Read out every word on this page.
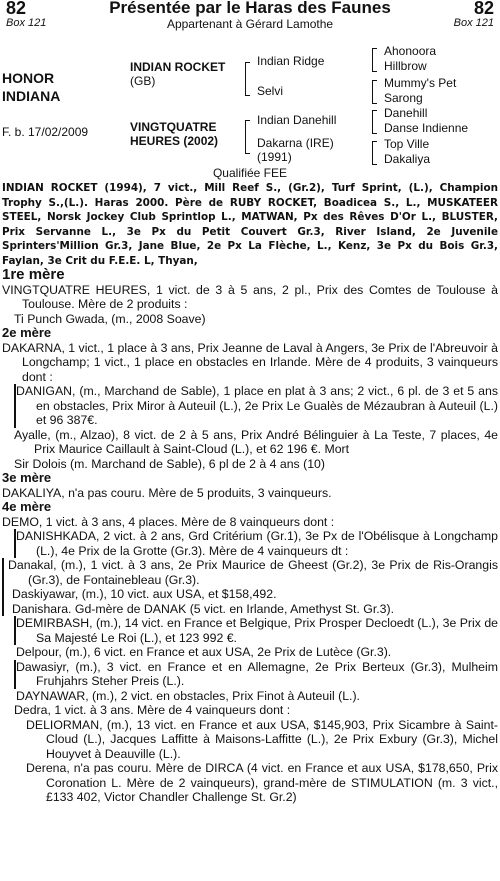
82
Box 121
Présentée par le Haras des Faunes
Appartenant à Gérard Lamothe
82
Box 121
HONOR
INDIANA
F. b. 17/02/2009
INDIAN ROCKET
(GB)
VINGTQUATRE
HEURES (2002)
Indian Ridge
Selvi
Indian Danehill
Dakarna (IRE)
(1991)
Ahonoora
Hillbrow
Mummy's Pet
Sarong
Danehill
Danse Indienne
Top Ville
Dakaliya
Qualifiée FEE

INDIAN ROCKET (1994), 7 vict., Mill Reef S., (Gr.2), Turf Sprint, (L.), Champion Trophy S.,(L.). Haras 2000. Père de RUBY ROCKET, Boadicea S., L., MUSKATEER STEEL, Norsk Jockey Club Sprintlop L., MATWAN, Px des Rêves D'Or L., BLUSTER, Prix Servanne L., 3e Px du Petit Couvert Gr.3, River Island, 2e Juvenile Sprinters'Million Gr.3, Jane Blue, 2e Px La Flèche, L., Kenz, 3e Px du Bois Gr.3, Faylan, 3e Crit du F.E.E. L, Thyan,

1re mère

VINGTQUATRE HEURES, 1 vict. de 3 à 5 ans, 2 pl., Prix des Comtes de Toulouse à Toulouse. Mère de 2 produits :

Ti Punch Gwada, (m., 2008 Soave)

2e mère

DAKARNA, 1 vict., 1 place à 3 ans, Prix Jeanne de Laval à Angers, 3e Prix de l'Abreuvoir à Longchamp; 1 vict., 1 place en obstacles en Irlande. Mère de 4 produits, 3 vainqueurs dont :

DANIGAN, (m., Marchand de Sable), 1 place en plat à 3 ans; 2 vict., 6 pl. de 3 et 5 ans en obstacles, Prix Miror à Auteuil (L.), 2e Prix Le Gualès de Mézaubran à Auteuil (L.) et 96 387€.

Ayalle, (m., Alzao), 8 vict. de 2 à 5 ans, Prix André Bélinguier à La Teste, 7 places, 4e Prix Maurice Caillault à Saint-Cloud (L.), et 62 196 €. Mort

Sir Dolois (m. Marchand de Sable), 6 pl de 2 à 4 ans (10)

3e mère

DAKALIYA, n'a pas couru. Mère de 5 produits, 3 vainqueurs.

4e mère

DEMO, 1 vict. à 3 ans, 4 places. Mère de 8 vainqueurs dont :

DANISHKADA, 2 vict. à 2 ans, Grd Critérium (Gr.1), 3e Px de l'Obélisque à Longchamp (L.), 4e Prix de la Grotte (Gr.3). Mère de 4 vainqueurs dt :

Danakal, (m.), 1 vict. à 3 ans, 2e Prix Maurice de Gheest (Gr.2), 3e Prix de Ris-Orangis (Gr.3), de Fontainebleau (Gr.3).

Daskiyawar, (m.), 10 vict. aux USA, et $158,492.

Danishara. Gd-mère de DANAK (5 vict. en Irlande, Amethyst St. Gr.3).

DEMIRBASH, (m.), 14 vict. en France et Belgique, Prix Prosper Decloedt (L.), 3e Prix de Sa Majesté Le Roi (L.), et 123 992 €.

Delpour, (m.), 6 vict. en France et aux USA, 2e Prix de Lutèce (Gr.3).

Dawasiyr, (m.), 3 vict. en France et en Allemagne, 2e Prix Berteux (Gr.3), Mulheim Fruhjahrs Steher Preis (L.).

DAYNAWAR, (m.), 2 vict. en obstacles, Prix Finot à Auteuil (L.).

Dedra, 1 vict. à 3 ans. Mère de 4 vainqueurs dont :

DELIORMAN, (m.), 13 vict. en France et aux USA, $145,903, Prix Sicambre à Saint-Cloud (L.), Jacques Laffitte à Maisons-Laffitte (L.), 2e Prix Exbury (Gr.3), Michel Houyvet à Deauville (L.).

Derena, n'a pas couru. Mère de DIRCA (4 vict. en France et aux USA, $178,650, Prix Coronation L. Mère de 2 vainqueurs), grand-mère de STIMULATION (m. 3 vict., £133 402, Victor Chandler Challenge St. Gr.2)
